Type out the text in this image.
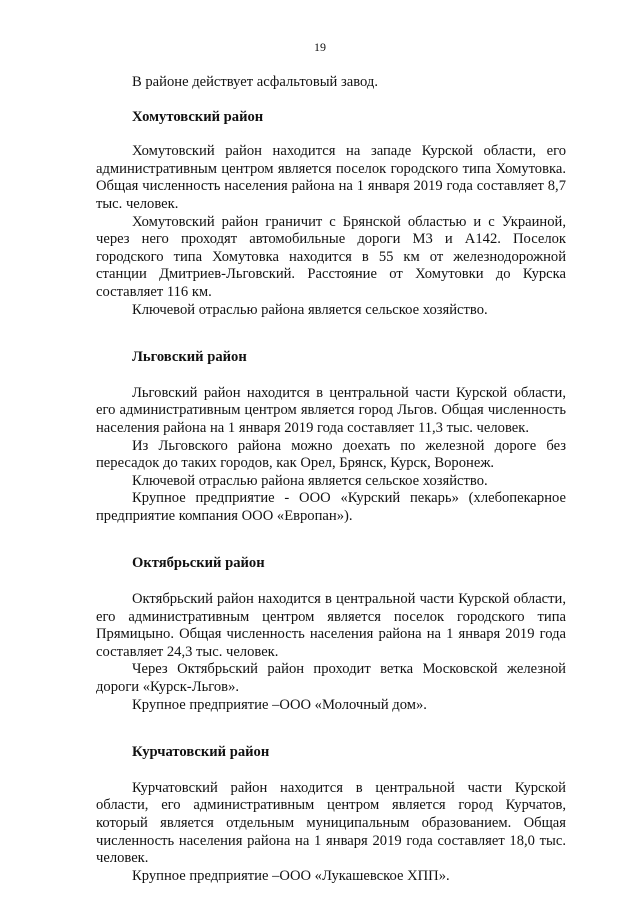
19

В районе действует асфальтовый завод.

Хомутовский район

Хомутовский район находится на западе Курской области, его административным центром является поселок городского типа Хомутовка. Общая численность населения района на 1 января 2019 года составляет 8,7 тыс. человек.

Хомутовский район граничит с Брянской областью и с Украиной, через него проходят автомобильные дороги М3 и А142. Поселок городского типа Хомутовка находится в 55 км от железнодорожной станции Дмитриев-Льговский. Расстояние от Хомутовки до Курска составляет 116 км.

Ключевой отраслью района является сельское хозяйство.

Льговский район

Льговский район находится в центральной части Курской области, его административным центром является город Льгов. Общая численность населения района на 1 января 2019 года составляет 11,3 тыс. человек.

Из Льговского района можно доехать по железной дороге без пересадок до таких городов, как Орел, Брянск, Курск, Воронеж.

Ключевой отраслью района является сельское хозяйство.

Крупное предприятие - ООО «Курский пекарь» (хлебопекарное предприятие компания ООО «Европан»).

Октябрьский район

Октябрьский район находится в центральной части Курской области, его административным центром является поселок городского типа Прямицыно. Общая численность населения района на 1 января 2019 года составляет 24,3 тыс. человек.

Через Октябрьский район проходит ветка Московской железной дороги «Курск-Льгов».

Крупное предприятие –ООО «Молочный дом».

Курчатовский район

Курчатовский район находится в центральной части Курской области, его административным центром является город Курчатов, который является отдельным муниципальным образованием. Общая численность населения района на 1 января 2019 года составляет 18,0 тыс. человек.

Крупное предприятие –ООО «Лукашевское ХПП».
